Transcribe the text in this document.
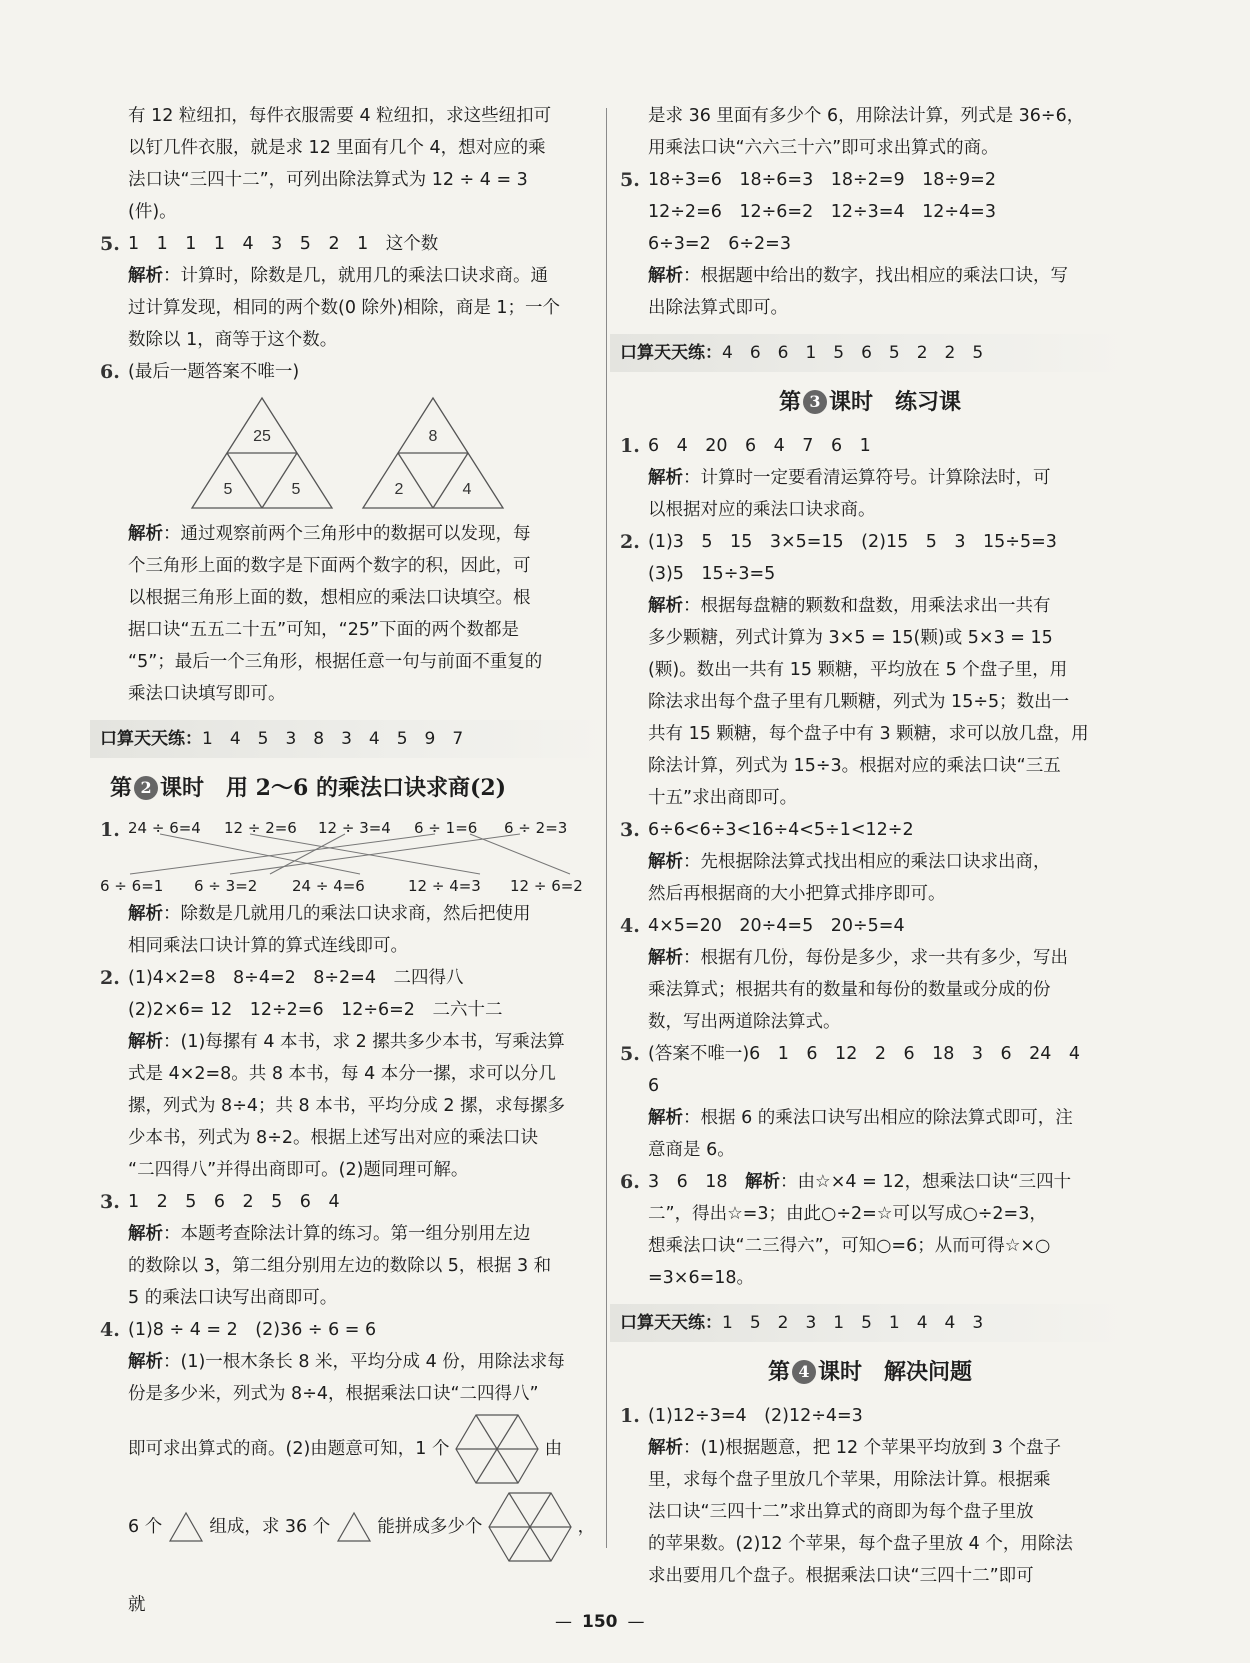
有 12 粒纽扣，每件衣服需要 4 粒纽扣，求这些纽扣可

以钉几件衣服，就是求 12 里面有几个 4，想对应的乘

法口诀“三四十二”，可列出除法算式为 12 ÷ 4 = 3

(件)。

5. 1　1　1　1　4　3　5　2　1　这个数

解析：计算时，除数是几，就用几的乘法口诀求商。通

过计算发现，相同的两个数(0 除外)相除，商是 1；一个

数除以 1，商等于这个数。

6. (最后一题答案不唯一)
25
5	5
8
2	4

解析：通过观察前两个三角形中的数据可以发现，每

个三角形上面的数字是下面两个数字的积，因此，可

以根据三角形上面的数，想相应的乘法口诀填空。根

据口诀“五五二十五”可知，“25”下面的两个数都是

“5”；最后一个三角形，根据任意一句与前面不重复的

乘法口诀填写即可。

口算天天练：1　4　5　3　8　3　4　5　9　7
第 2 课时　用 2～6 的乘法口诀求商(2)
1. 24 ÷ 6=4 12 ÷ 2=6 12 ÷ 3=4 6 ÷ 1=6 6 ÷ 2=3
6 ÷ 6=1 6 ÷ 3=2 24 ÷ 4=6	12 ÷ 4=3 12 ÷ 6=2

解析：除数是几就用几的乘法口诀求商，然后把使用

相同乘法口诀计算的算式连线即可。

2. (1)4×2=8　8÷4=2　8÷2=4　二四得八

(2)2×6= 12　12÷2=6　12÷6=2　二六十二

解析：(1)每摞有 4 本书，求 2 摞共多少本书，写乘法算

式是 4×2=8。共 8 本书，每 4 本分一摞，求可以分几

摞，列式为 8÷4；共 8 本书，平均分成 2 摞，求每摞多

少本书，列式为 8÷2。根据上述写出对应的乘法口诀

“二四得八”并得出商即可。(2)题同理可解。

3. 1　2　5　6　2　5　6　4

解析：本题考查除法计算的练习。第一组分别用左边

的数除以 3，第二组分别用左边的数除以 5，根据 3 和

5 的乘法口诀写出商即可。

4. (1)8 ÷ 4 = 2　(2)36 ÷ 6 = 6

解析：(1)一根木条长 8 米，平均分成 4 份，用除法求每

份是多少米，列式为 8÷4，根据乘法口诀“二四得八”

即可求出算式的商。(2)由题意可知，1 个	由

6 个	组成，求 36 个	能拼成多少个	，就

是求 36 里面有多少个 6，用除法计算，列式是 36÷6，

用乘法口诀“六六三十六”即可求出算式的商。

5. 18÷3=6　18÷6=3　18÷2=9　18÷9=2

12÷2=6　12÷6=2　12÷3=4　12÷4=3

6÷3=2　6÷2=3

解析：根据题中给出的数字，找出相应的乘法口诀，写

出除法算式即可。

口算天天练：4　6　6　1　5　6　5　2　2　5
第 3 课时　练习课
1. 6　4　20　6　4　7　6　1

解析：计算时一定要看清运算符号。计算除法时，可

以根据对应的乘法口诀求商。

2. (1)3　5　15　3×5=15　(2)15　5　3　15÷5=3

(3)5　15÷3=5

解析：根据每盘糖的颗数和盘数，用乘法求出一共有

多少颗糖，列式计算为 3×5 = 15(颗)或 5×3 = 15

(颗)。数出一共有 15 颗糖，平均放在 5 个盘子里，用

除法求出每个盘子里有几颗糖，列式为 15÷5；数出一

共有 15 颗糖，每个盘子中有 3 颗糖，求可以放几盘，用

除法计算，列式为 15÷3。根据对应的乘法口诀“三五

十五”求出商即可。

3. 6÷6<6÷3<16÷4<5÷1<12÷2

解析：先根据除法算式找出相应的乘法口诀求出商，

然后再根据商的大小把算式排序即可。

4. 4×5=20　20÷4=5　20÷5=4

解析：根据有几份，每份是多少，求一共有多少，写出

乘法算式；根据共有的数量和每份的数量或分成的份

数，写出两道除法算式。

5. (答案不唯一)6　1　6　12　2　6　18　3　6　24　4

6

解析：根据 6 的乘法口诀写出相应的除法算式即可，注

意商是 6。

6. 3　6　18　解析：由☆×4 = 12，想乘法口诀“三四十

二”，得出☆=3；由此○÷2=☆可以写成○÷2=3，

想乘法口诀“二三得六”，可知○=6；从而可得☆×○

=3×6=18。

口算天天练：1　5　2　3　1　5　1　4　4　3
第 4 课时　解决问题
1. (1)12÷3=4　(2)12÷4=3

解析：(1)根据题意，把 12 个苹果平均放到 3 个盘子

里，求每个盘子里放几个苹果，用除法计算。根据乘

法口诀“三四十二”求出算式的商即为每个盘子里放

的苹果数。(2)12 个苹果，每个盘子里放 4 个，用除法

求出要用几个盘子。根据乘法口诀“三四十二”即可

— 150 —
